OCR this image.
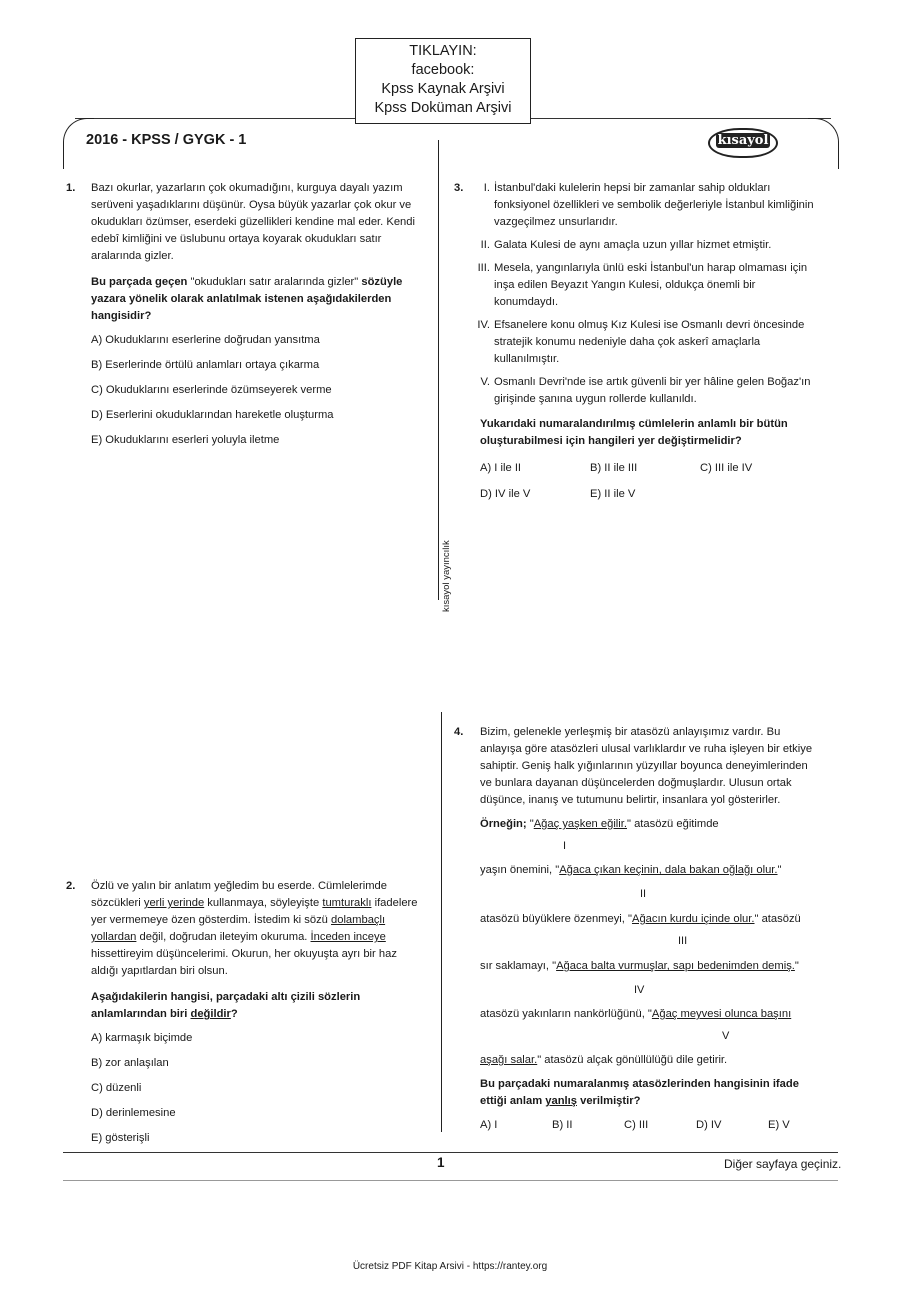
TIKLAYIN:
facebook:
Kpss Kaynak Arşivi
Kpss Doküman Arşivi
2016 - KPSS / GYGK - 1	kısayol
kısayol yayıncılık
1. Bazı okurlar, yazarların çok okumadığını, kurguya dayalı yazım serüveni yaşadıklarını düşünür. Oysa büyük yazarlar çok okur ve okudukları özümser, eserdeki güzellikleri kendine mal eder. Kendi edebî kimliğini ve üslubunu ortaya koyarak okudukları satır aralarında gizler.

Bu parçada geçen "okudukları satır aralarında gizler" sözüyle yazara yönelik olarak anlatılmak istenen aşağıdakilerden hangisidir?

A) Okuduklarını eserlerine doğrudan yansıtma
B) Eserlerinde örtülü anlamları ortaya çıkarma
C) Okuduklarını eserlerinde özümseyerek verme
D) Eserlerini okuduklarından hareketle oluşturma
E) Okuduklarını eserleri yoluyla iletme
2. Özlü ve yalın bir anlatım yeğledim bu eserde. Cümlelerimde sözcükleri yerli yerinde kullanmaya, söyleyişte tumturaklı ifadelere yer vermemeye özen gösterdim. İstedim ki sözü dolambaçlı yollardan değil, doğrudan ileteyim okuruma. İnceden inceye hissettireyim düşüncelerimi. Okurun, her okuyuşta ayrı bir haz aldığı yapıtlardan biri olsun.

Aşağıdakilerin hangisi, parçadaki altı çizili sözlerin anlamlarından biri değildir?

A) karmaşık biçimde
B) zor anlaşılan
C) düzenli
D) derinlemesine
E) gösterişli
3.	I. İstanbul'daki kulelerin hepsi bir zamanlar sahip oldukları fonksiyonel özellikleri ve sembolik değerleriyle İstanbul kimliğinin vazgeçilmez unsurlarıdır.
II. Galata Kulesi de aynı amaçla uzun yıllar hizmet etmiştir.
III. Mesela, yangınlarıyla ünlü eski İstanbul'un harap olmaması için inşa edilen Beyazıt Yangın Kulesi, oldukça önemli bir konumdaydı.
IV. Efsanelere konu olmuş Kız Kulesi ise Osmanlı devri öncesinde stratejik konumu nedeniyle daha çok askerî amaçlarla kullanılmıştır.
V. Osmanlı Devri'nde ise artık güvenli bir yer hâline gelen Boğaz'ın girişinde şanına uygun rollerde kullanıldı.

Yukarıdaki numaralandırılmış cümlelerin anlamlı bir bütün oluşturabilmesi için hangileri yer değiştirmelidir?

A) I ile II	B) II ile III	C) III ile IV
D) IV ile V	E) II ile V
4. Bizim, gelenekle yerleşmiş bir atasözü anlayışımız vardır. Bu anlayışa göre atasözleri ulusal varlıklardır ve ruha işleyen bir etkiye sahiptir. Geniş halk yığınlarının yüzyıllar boyunca deneyimlerinden ve bunlara dayanan düşüncelerden doğmuşlardır. Ulusun ortak düşünce, inanış ve tutumunu belirtir, insanlara yol gösterirler.

Örneğin; "Ağaç yaşken eğilir." atasözü eğitimde
I
yaşın önemini, "Ağaca çıkan keçinin, dala bakan oğlağı olur."
II
atasözü büyüklere özenmeyi, "Ağacın kurdu içinde olur." atasözü
III
sır saklamayı, "Ağaca balta vurmuşlar, sapı bedenimden demiş."
IV
atasözü yakınların nankörlüğünü, "Ağaç meyvesi olunca başını
V
aşağı salar." atasözü alçak gönüllülüğü dile getirir.

Bu parçadaki numaralanmış atasözlerinden hangisinin ifade ettiği anlam yanlış verilmiştir?

A) I	B) II	C) III	D) IV	E) V
1	Diğer sayfaya geçiniz.
Ücretsiz PDF Kitap Arsivi - https://rantey.org
